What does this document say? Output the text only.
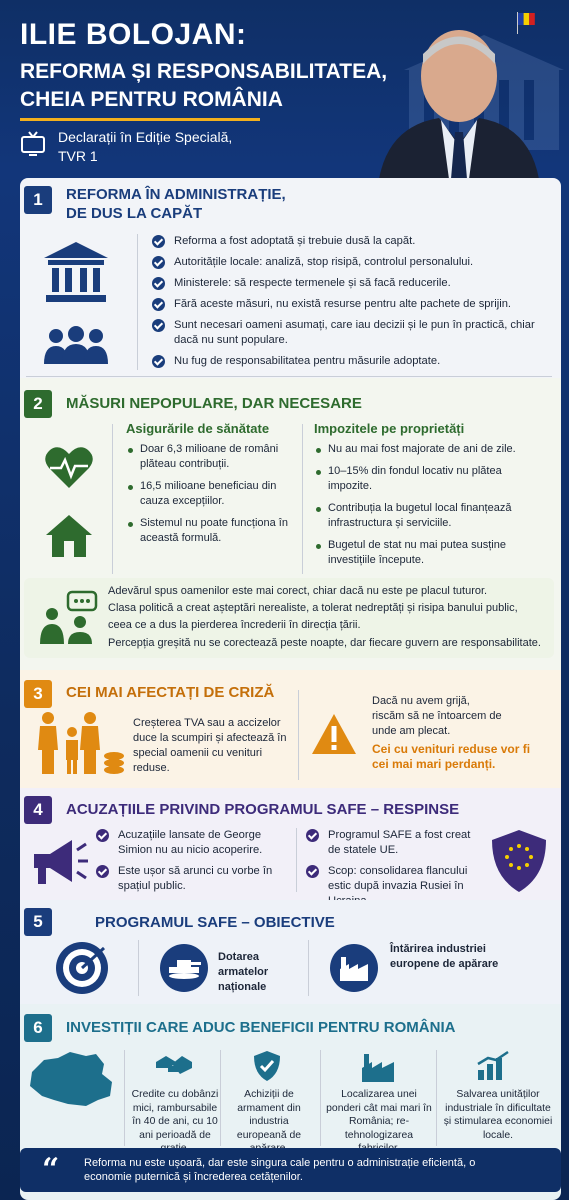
ILIE BOLOJAN:
REFORMA ȘI RESPONSABILITATEA,
CHEIA PENTRU ROMÂNIA
Declarații în Ediție Specială,
TVR 1
1	REFORMA ÎN ADMINISTRAȚIE,
DE DUS LA CAPĂT
Reforma a fost adoptată și trebuie dusă la capăt.
Autoritățile locale: analiză, stop risipă, controlul personalului.
Ministerele: să respecte termenele și să facă reducerile.
Fără aceste măsuri, nu există resurse pentru alte pachete de sprijin.
Sunt necesari oameni asumați, care iau decizii și le pun în practică, chiar dacă nu sunt populare.
Nu fug de responsabilitatea pentru măsurile adoptate.
2	MĂSURI NEPOPULARE, DAR NECESARE
Asigurările de sănătate
Doar 6,3 milioane de români plăteau contribuții.
16,5 milioane beneficiau din cauza excepțiilor.
Sistemul nu poate funcționa în această formulă.
Impozitele pe proprietăți
Nu au mai fost majorate de ani de zile.
10–15% din fondul locativ nu plătea impozite.
Contribuția la bugetul local finanțează infrastructura și serviciile.
Bugetul de stat nu mai putea susține investițiile începute.
Adevărul spus oamenilor este mai corect, chiar dacă nu este pe placul tuturor.
Clasa politică a creat așteptări nerealiste, a tolerat nedreptăți și risipa banului public,
ceea ce a dus la pierderea încrederii în direcția țării.
Percepția greșită nu se corectează peste noapte, dar fiecare guvern are responsabilitate.
3	CEI MAI AFECTAȚI DE CRIZĂ
Creșterea TVA sau a accizelor duce la scumpiri și afectează în special oamenii cu venituri reduse.
Dacă nu avem grijă, riscăm să ne întoarcem de unde am plecat.
Cei cu venituri reduse vor fi cei mai mari perdanți.
4	ACUZAȚIILE PRIVIND PROGRAMUL SAFE – RESPINSE
Acuzațiile lansate de George Simion nu au nicio acoperire.
Este ușor să arunci cu vorbe în spațiul public.
Programul SAFE a fost creat de statele UE.
Scop: consolidarea flancului estic după invazia Rusiei în
5	PROGRAMUL SAFE – OBIECTIVE
Dotarea armatelor naționale
Întărirea industriei europene de apărare
6	INVESTIȚII CARE ADUC BENEFICII PENTRU ROMÂNIA
Credite cu dobânzi mici, rambursabile în 40 de ani, cu 10 ani perioadă de
Achiziții de armament din industria europeană de
Localizarea unei ponderi cât mai mari în România; re-tehnologizarea
Salvarea unităților industriale în dificultate și stimularea economiei locale.
“ Reforma nu este ușoară, dar este singura cale pentru o administrație eficientă, o economie puternică și încrederea cetățenilor.
